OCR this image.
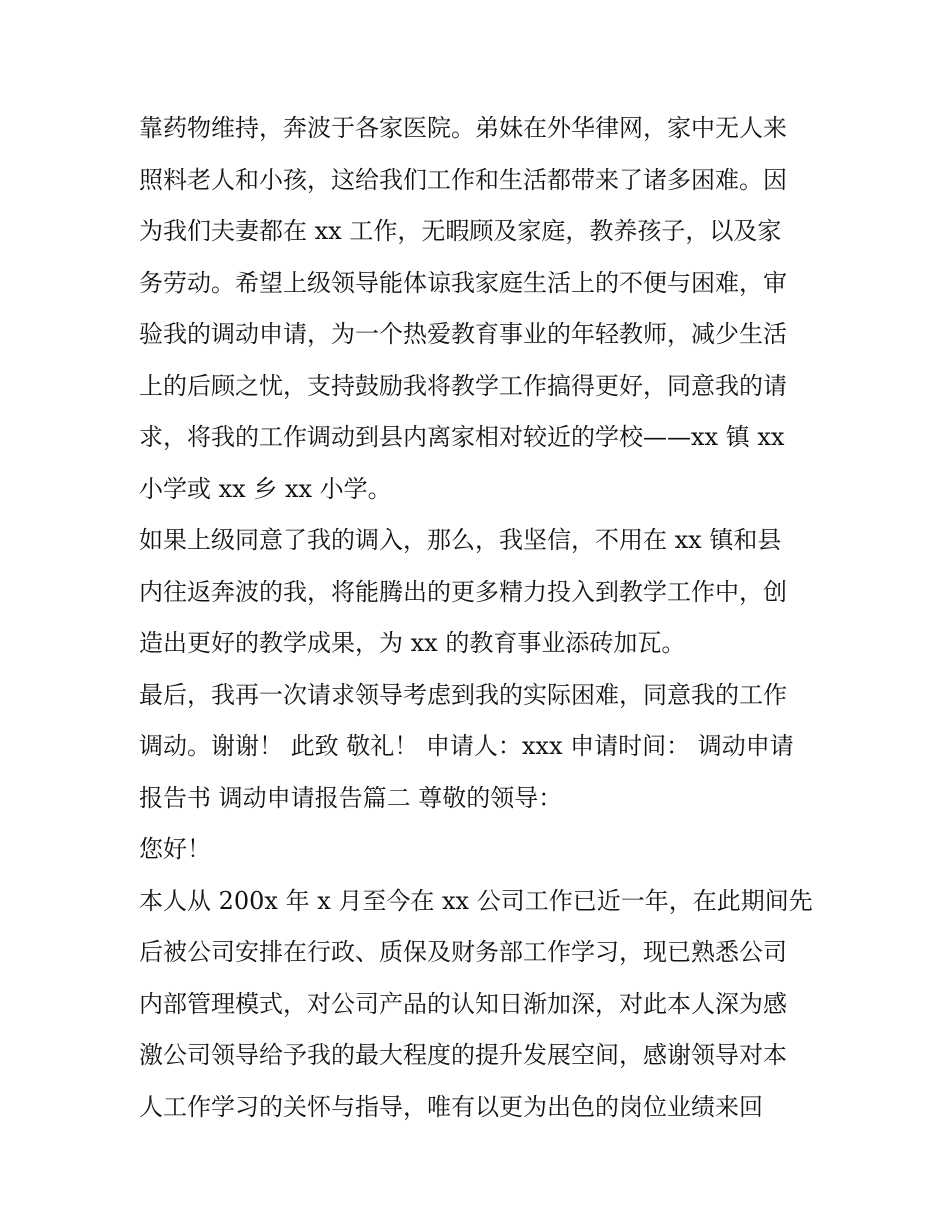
靠药物维持，奔波于各家医院。弟妹在外华律网，家中无人来
照料老人和小孩，这给我们工作和生活都带来了诸多困难。因
为我们夫妻都在 xx 工作，无暇顾及家庭，教养孩子，以及家
务劳动。希望上级领导能体谅我家庭生活上的不便与困难，审
验我的调动申请，为一个热爱教育事业的年轻教师，减少生活
上的后顾之忧，支持鼓励我将教学工作搞得更好，同意我的请
求，将我的工作调动到县内离家相对较近的学校——xx 镇 xx
小学或 xx 乡 xx 小学。
如果上级同意了我的调入，那么，我坚信，不用在 xx 镇和县
内往返奔波的我，将能腾出的更多精力投入到教学工作中，创
造出更好的教学成果，为 xx 的教育事业添砖加瓦。
最后，我再一次请求领导考虑到我的实际困难，同意我的工作
调动。谢谢！ 此致 敬礼！ 申请人：xxx 申请时间： 调动申请
报告书 调动申请报告篇二 尊敬的领导：
您好！
本人从 200x 年 x 月至今在 xx 公司工作已近一年，在此期间先
后被公司安排在行政、质保及财务部工作学习，现已熟悉公司
内部管理模式，对公司产品的认知日渐加深，对此本人深为感
激公司领导给予我的最大程度的提升发展空间，感谢领导对本
人工作学习的关怀与指导，唯有以更为出色的岗位业绩来回
